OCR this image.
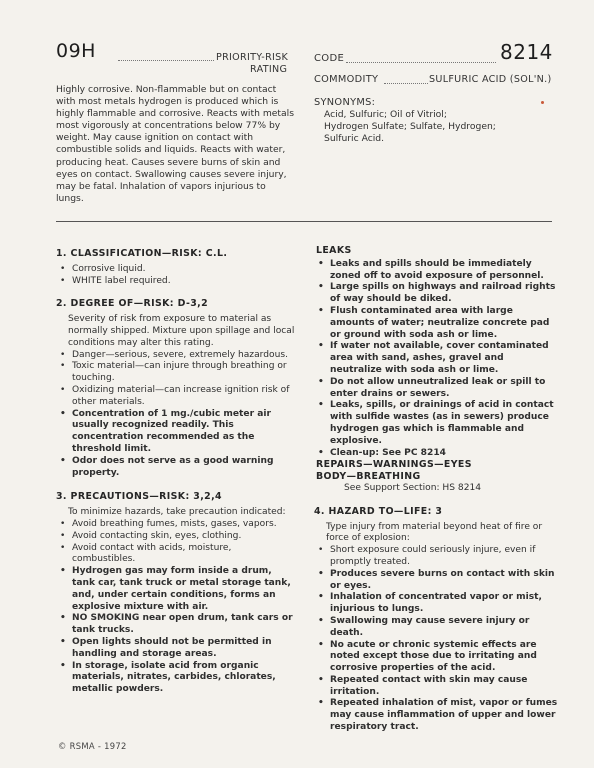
09H	PRIORITY-RISK
RATING
Highly corrosive. Non-flammable but on contact with most metals hydrogen is produced which is highly flammable and corrosive. Reacts with metals most vigorously at concentrations below 77% by weight. May cause ignition on contact with combustible solids and liquids. Reacts with water, producing heat. Causes severe burns of skin and eyes on contact. Swallowing causes severe injury, may be fatal. Inhalation of vapors injurious to lungs.
CODE	8214
COMMODITY	SULFURIC ACID (SOL'N.)
SYNONYMS:
Acid, Sulfuric; Oil of Vitriol;
Hydrogen Sulfate; Sulfate, Hydrogen;
Sulfuric Acid.
1. CLASSIFICATION—RISK: C.L.
• Corrosive liquid.
• WHITE label required.
2. DEGREE OF—RISK: D-3,2
Severity of risk from exposure to material as normally shipped. Mixture upon spillage and local conditions may alter this rating.
• Danger—serious, severe, extremely hazardous.
• Toxic material—can injure through breathing or touching.
• Oxidizing material—can increase ignition risk of other materials.
• Concentration of 1 mg./cubic meter air usually recognized readily. This concentration recommended as the threshold limit.
• Odor does not serve as a good warning property.
3. PRECAUTIONS—RISK: 3,2,4
To minimize hazards, take precaution indicated:
• Avoid breathing fumes, mists, gases, vapors.
• Avoid contacting skin, eyes, clothing.
• Avoid contact with acids, moisture, combustibles.
• Hydrogen gas may form inside a drum, tank car, tank truck or metal storage tank, and, under certain conditions, forms an explosive mixture with air.
• NO SMOKING near open drum, tank cars or tank trucks.
• Open lights should not be permitted in handling and storage areas.
• In storage, isolate acid from organic materials, nitrates, carbides, chlorates, metallic powders.
LEAKS
• Leaks and spills should be immediately zoned off to avoid exposure of personnel.
• Large spills on highways and railroad rights of way should be diked.
• Flush contaminated area with large amounts of water; neutralize concrete pad or ground with soda ash or lime.
• If water not available, cover contaminated area with sand, ashes, gravel and neutralize with soda ash or lime.
• Do not allow unneutralized leak or spill to enter drains or sewers.
• Leaks, spills, or drainings of acid in contact with sulfide wastes (as in sewers) produce hydrogen gas which is flammable and explosive.
• Clean-up: See PC 8214
REPAIRS—WARNINGS—EYES
BODY—BREATHING
See Support Section: HS 8214
4. HAZARD TO—LIFE: 3
Type injury from material beyond heat of fire or force of explosion:
• Short exposure could seriously injure, even if promptly treated.
• Produces severe burns on contact with skin or eyes.
• Inhalation of concentrated vapor or mist, injurious to lungs.
• Swallowing may cause severe injury or death.
• No acute or chronic systemic effects are noted except those due to irritating and corrosive properties of the acid.
• Repeated contact with skin may cause irritation.
• Repeated inhalation of mist, vapor or fumes may cause inflammation of upper and lower respiratory tract.
© RSMA - 1972
